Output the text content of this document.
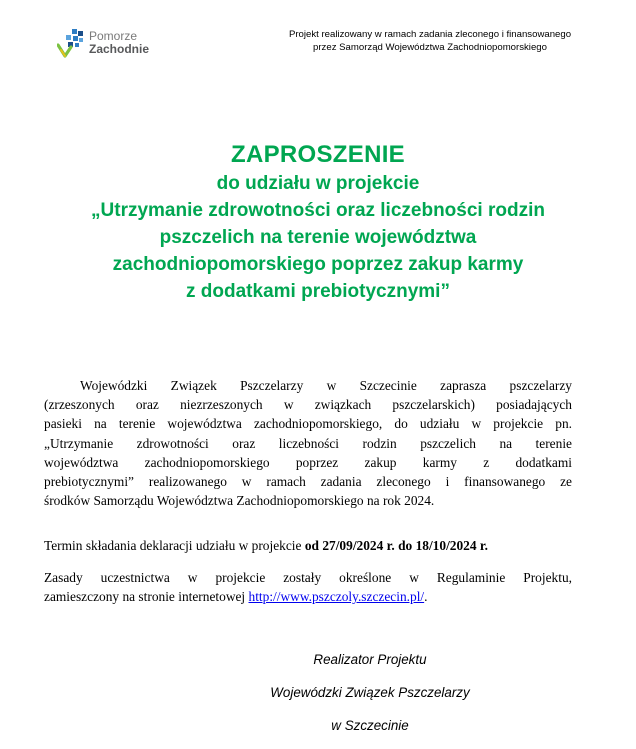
Pomorze
Zachodnie
Projekt realizowany w ramach zadania zleconego i finansowanego
przez Samorząd Województwa Zachodniopomorskiego
ZAPROSZENIE
do udziału w projekcie
„Utrzymanie zdrowotności oraz liczebności rodzin
pszczelich na terenie województwa
zachodniopomorskiego poprzez zakup karmy
z dodatkami prebiotycznymi”
Wojewódzki Związek Pszczelarzy w Szczecinie zaprasza pszczelarzy
(zrzeszonych oraz niezrzeszonych w związkach pszczelarskich) posiadających
pasieki na terenie województwa zachodniopomorskiego, do udziału w projekcie pn.
„Utrzymanie zdrowotności oraz liczebności rodzin pszczelich na terenie
województwa zachodniopomorskiego poprzez zakup karmy z dodatkami
prebiotycznymi” realizowanego w ramach zadania zleconego i finansowanego ze
środków Samorządu Województwa Zachodniopomorskiego na rok 2024.
Termin składania deklaracji udziału w projekcie od 27/09/2024 r. do 18/10/2024 r.
Zasady uczestnictwa w projekcie zostały określone w Regulaminie Projektu,
zamieszczony na stronie internetowej http://www.pszczoly.szczecin.pl/.
Realizator Projektu
Wojewódzki Związek Pszczelarzy
w Szczecinie
